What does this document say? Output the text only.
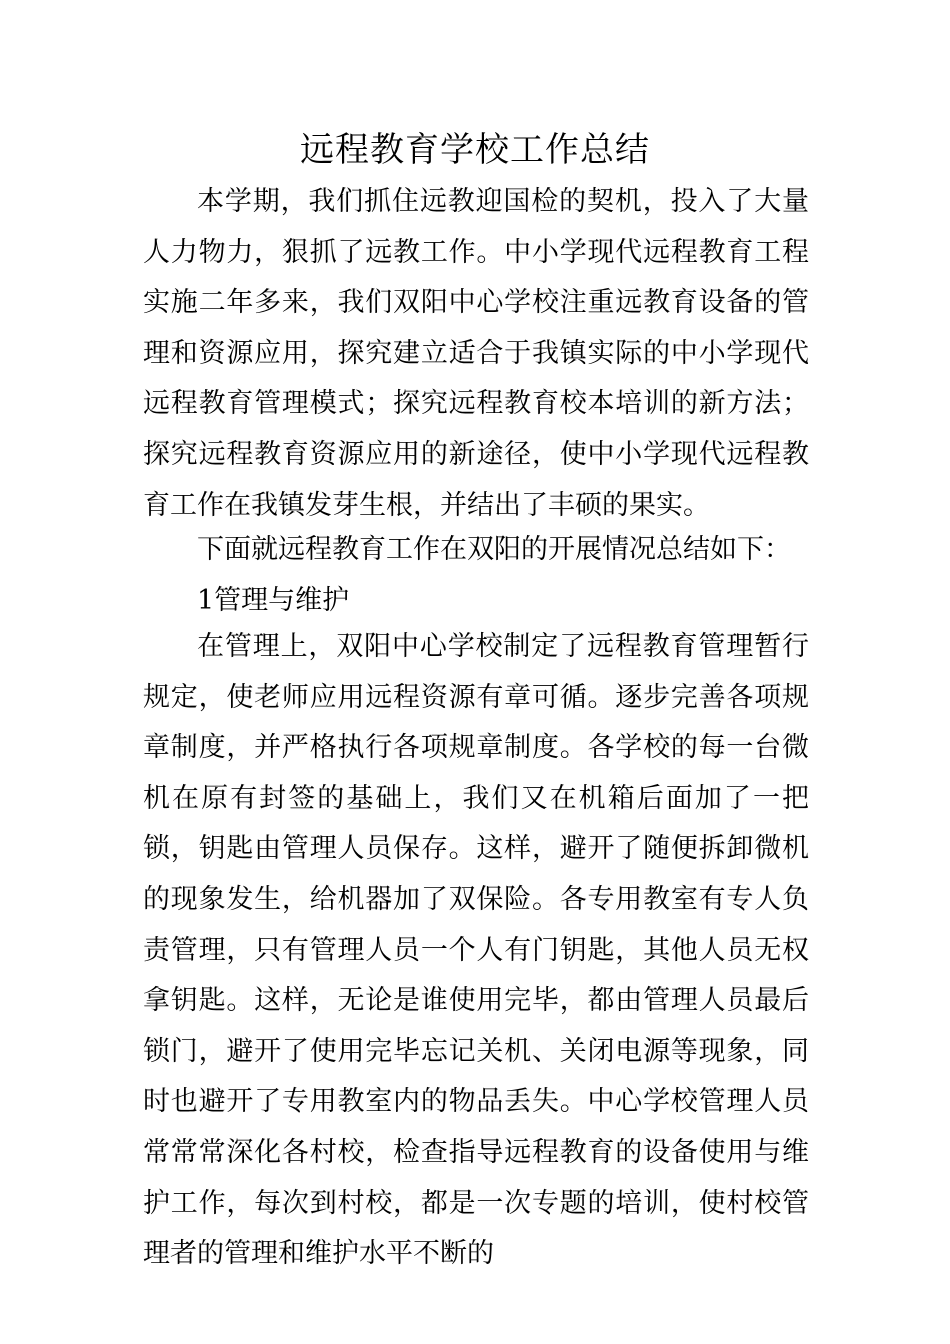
远程教育学校工作总结

本学期，我们抓住远教迎国检的契机，投入了大量人力物力，狠抓了远教工作。中小学现代远程教育工程实施二年多来，我们双阳中心学校注重远教育设备的管理和资源应用，探究建立适合于我镇实际的中小学现代远程教育管理模式；探究远程教育校本培训的新方法；探究远程教育资源应用的新途径，使中小学现代远程教育工作在我镇发芽生根，并结出了丰硕的果实。

下面就远程教育工作在双阳的开展情况总结如下：

1管理与维护

在管理上，双阳中心学校制定了远程教育管理暂行规定，使老师应用远程资源有章可循。逐步完善各项规章制度，并严格执行各项规章制度。各学校的每一台微机在原有封签的基础上，我们又在机箱后面加了一把锁，钥匙由管理人员保存。这样，避开了随便拆卸微机的现象发生，给机器加了双保险。各专用教室有专人负责管理，只有管理人员一个人有门钥匙，其他人员无权拿钥匙。这样，无论是谁使用完毕，都由管理人员最后锁门，避开了使用完毕忘记关机、关闭电源等现象，同时也避开了专用教室内的物品丢失。中心学校管理人员常常常深化各村校，检查指导远程教育的设备使用与维护工作，每次到村校，都是一次专题的培训，使村校管理者的管理和维护水平不断的
